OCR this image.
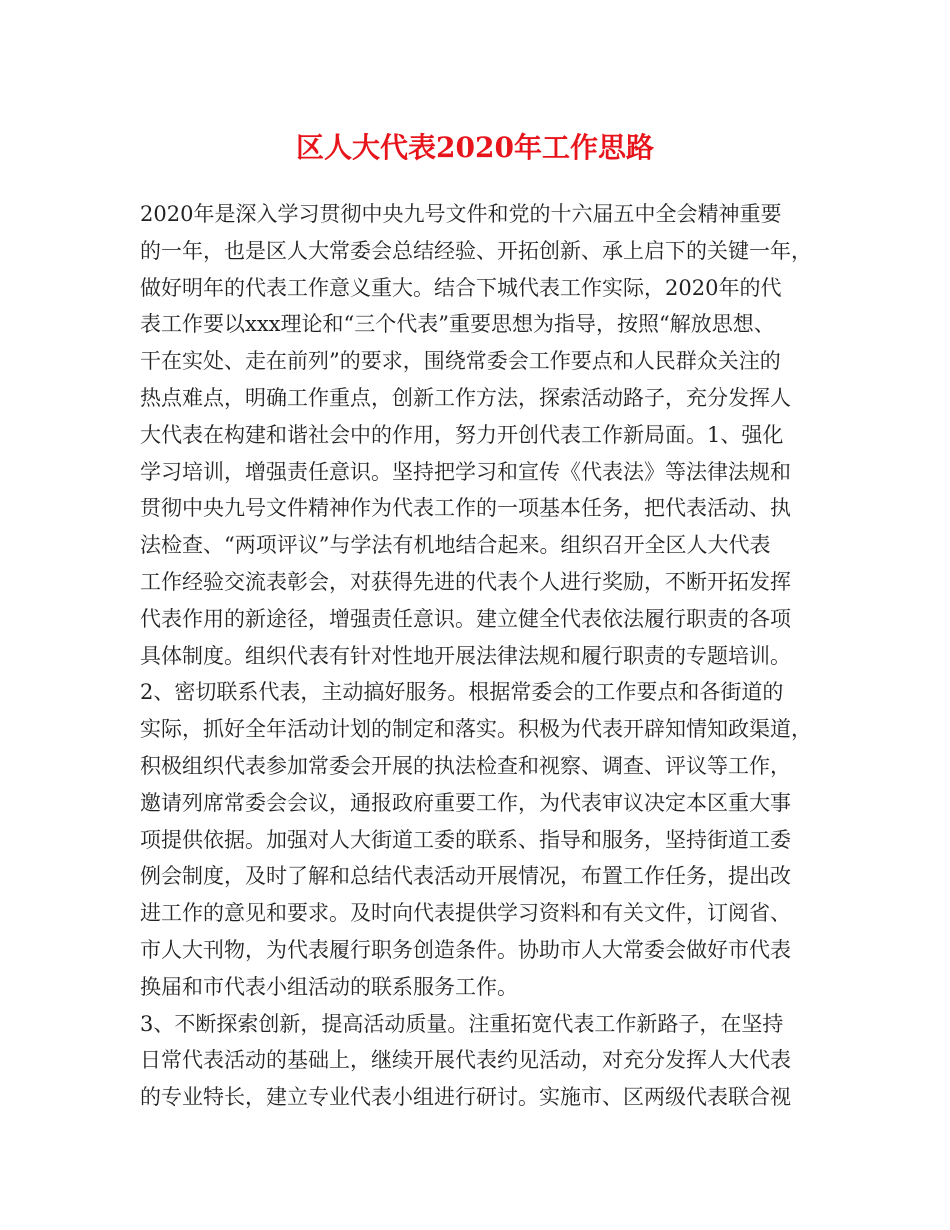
区人大代表2020年工作思路
2020年是深入学习贯彻中央九号文件和党的十六届五中全会精神重要
的一年，也是区人大常委会总结经验、开拓创新、承上启下的关键一年，
做好明年的代表工作意义重大。结合下城代表工作实际，2020年的代
表工作要以xxx理论和“三个代表”重要思想为指导，按照“解放思想、
干在实处、走在前列”的要求，围绕常委会工作要点和人民群众关注的
热点难点，明确工作重点，创新工作方法，探索活动路子，充分发挥人
大代表在构建和谐社会中的作用，努力开创代表工作新局面。1、强化
学习培训，增强责任意识。坚持把学习和宣传《代表法》等法律法规和
贯彻中央九号文件精神作为代表工作的一项基本任务，把代表活动、执
法检查、“两项评议”与学法有机地结合起来。组织召开全区人大代表
工作经验交流表彰会，对获得先进的代表个人进行奖励，不断开拓发挥
代表作用的新途径，增强责任意识。建立健全代表依法履行职责的各项
具体制度。组织代表有针对性地开展法律法规和履行职责的专题培训。
2、密切联系代表，主动搞好服务。根据常委会的工作要点和各街道的
实际，抓好全年活动计划的制定和落实。积极为代表开辟知情知政渠道，
积极组织代表参加常委会开展的执法检查和视察、调查、评议等工作，
邀请列席常委会会议，通报政府重要工作，为代表审议决定本区重大事
项提供依据。加强对人大街道工委的联系、指导和服务，坚持街道工委
例会制度，及时了解和总结代表活动开展情况，布置工作任务，提出改
进工作的意见和要求。及时向代表提供学习资料和有关文件，订阅省、
市人大刊物，为代表履行职务创造条件。协助市人大常委会做好市代表
换届和市代表小组活动的联系服务工作。
3、不断探索创新，提高活动质量。注重拓宽代表工作新路子，在坚持
日常代表活动的基础上，继续开展代表约见活动，对充分发挥人大代表
的专业特长，建立专业代表小组进行研讨。实施市、区两级代表联合视
